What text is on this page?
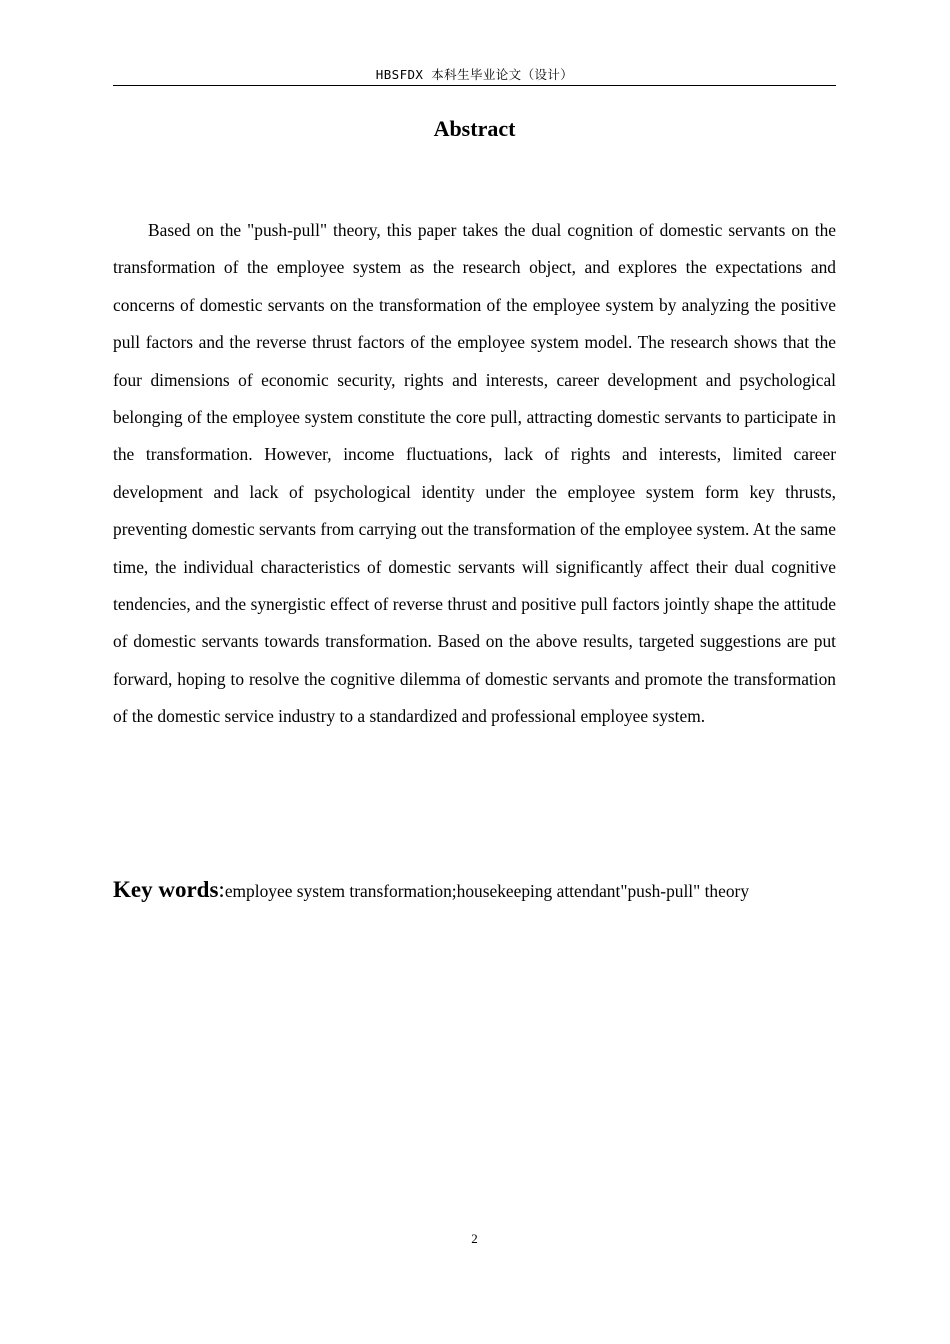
HBSFDX 本科生毕业论文（设计）
Abstract

Based on the "push-pull" theory, this paper takes the dual cognition of domestic servants on the transformation of the employee system as the research object, and explores the expectations and concerns of domestic servants on the transformation of the employee system by analyzing the positive pull factors and the reverse thrust factors of the employee system model. The research shows that the four dimensions of economic security, rights and interests, career development and psychological belonging of the employee system constitute the core pull, attracting domestic servants to participate in the transformation. However, income fluctuations, lack of rights and interests, limited career development and lack of psychological identity under the employee system form key thrusts, preventing domestic servants from carrying out the transformation of the employee system. At the same time, the individual characteristics of domestic servants will significantly affect their dual cognitive tendencies, and the synergistic effect of reverse thrust and positive pull factors jointly shape the attitude of domestic servants towards transformation. Based on the above results, targeted suggestions are put forward, hoping to resolve the cognitive dilemma of domestic servants and promote the transformation of the domestic service industry to a standardized and professional employee system.

Key words:employee system transformation;housekeeping attendant"push-pull" theory

2
